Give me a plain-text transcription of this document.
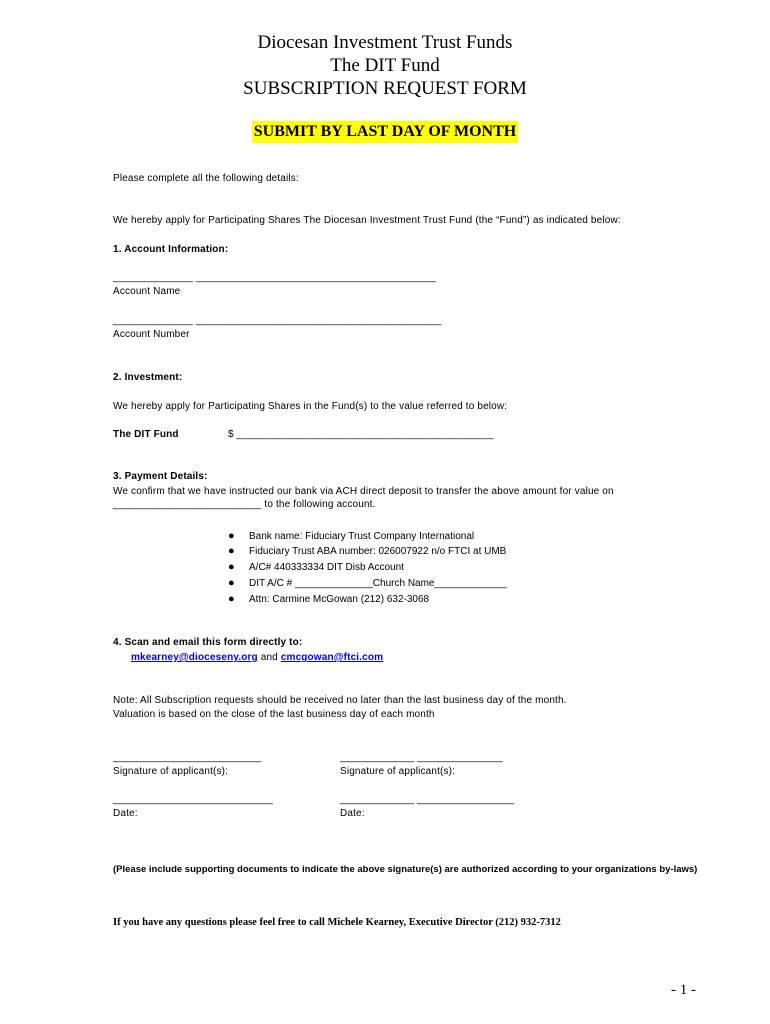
Diocesan Investment Trust Funds
The DIT Fund
SUBSCRIPTION REQUEST FORM
SUBMIT BY LAST DAY OF MONTH
Please complete all the following details:
We hereby apply for Participating Shares The Diocesan Investment Trust Fund (the “Fund”) as indicated below:
1. Account Information:
______________ __________________________________________
Account Name
______________ ___________________________________________
Account Number
2. Investment:
We hereby apply for Participating Shares in the Fund(s) to the value referred to below:
The DIT Fund	$ _____________________________________________
3. Payment Details:
We confirm that we have instructed our bank via ACH direct deposit to transfer the above amount for value on
__________________________ to the following account.
● Bank name: Fiduciary Trust Company International
● Fiduciary Trust ABA number: 026007922 n/o FTCI at UMB
● A/C# 440333334 DIT Disb Account
● DIT A/C # ______________Church Name_____________
● Attn: Carmine McGowan (212) 632-3068
4. Scan and email this form directly to:
mkearney@dioceseny.org and cmcgowan@ftci.com
Note: All Subscription requests should be received no later than the last business day of the month.
Valuation is based on the close of the last business day of each month
__________________________
Signature of applicant(s):
_____________ _______________
Signature of applicant(s):
____________________________
Date:
_____________ _________________
Date:
(Please include supporting documents to indicate the above signature(s) are authorized according to your organizations by-laws)
If you have any questions please feel free to call Michele Kearney, Executive Director (212) 932-7312
- 1 -
